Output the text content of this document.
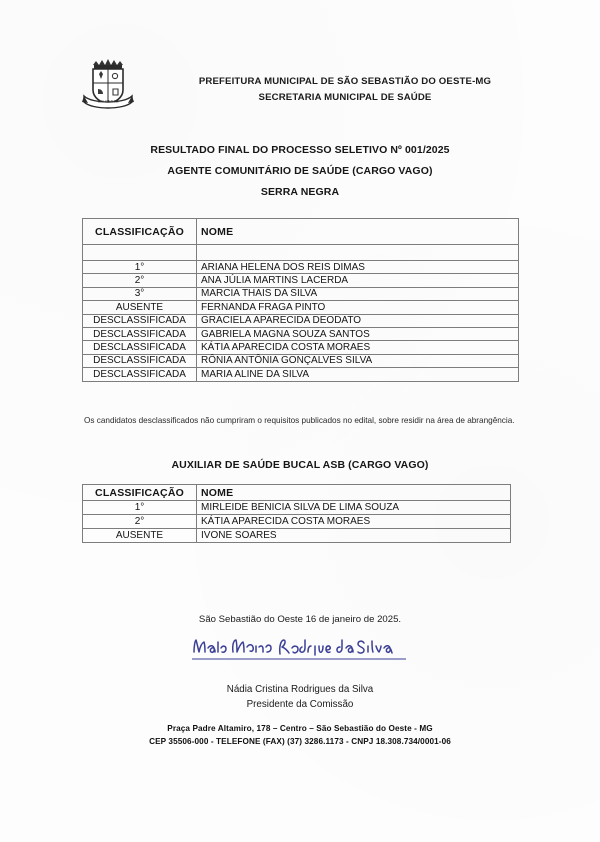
S.S.OESTE
PREFEITURA MUNICIPAL DE SÃO SEBASTIÃO DO OESTE-MG
SECRETARIA MUNICIPAL DE SAÚDE
RESULTADO FINAL DO PROCESSO SELETIVO Nº 001/2025
AGENTE COMUNITÁRIO DE SAÚDE (CARGO VAGO)
SERRA NEGRA
CLASSIFICAÇÃO	NOME

1°	ARIANA HELENA DOS REIS DIMAS
2°	ANA JÚLIA MARTINS LACERDA
3°	MARCIA THAIS DA SILVA
AUSENTE	FERNANDA FRAGA PINTO
DESCLASSIFICADA	GRACIELA APARECIDA DEODATO
DESCLASSIFICADA	GABRIELA MAGNA SOUZA SANTOS
DESCLASSIFICADA	KÁTIA APARECIDA COSTA MORAES
DESCLASSIFICADA	RÔNIA ANTÔNIA GONÇALVES SILVA
DESCLASSIFICADA	MARIA ALINE DA SILVA
Os candidatos desclassificados não cumpriram o requisitos publicados no edital, sobre residir na área de abrangência.
AUXILIAR DE SAÚDE BUCAL ASB (CARGO VAGO)
CLASSIFICAÇÃO	NOME
1°	MIRLEIDE BENICIA SILVA DE LIMA SOUZA
2°	KÁTIA APARECIDA COSTA MORAES
AUSENTE	IVONE SOARES
São Sebastião do Oeste 16 de janeiro de 2025.
Nádia Cristina Rodrigues da Silva
Presidente da Comissão
Praça Padre Altamiro, 178 – Centro – São Sebastião do Oeste - MG
CEP 35506-000 - TELEFONE (FAX) (37) 3286.1173 - CNPJ 18.308.734/0001-06
